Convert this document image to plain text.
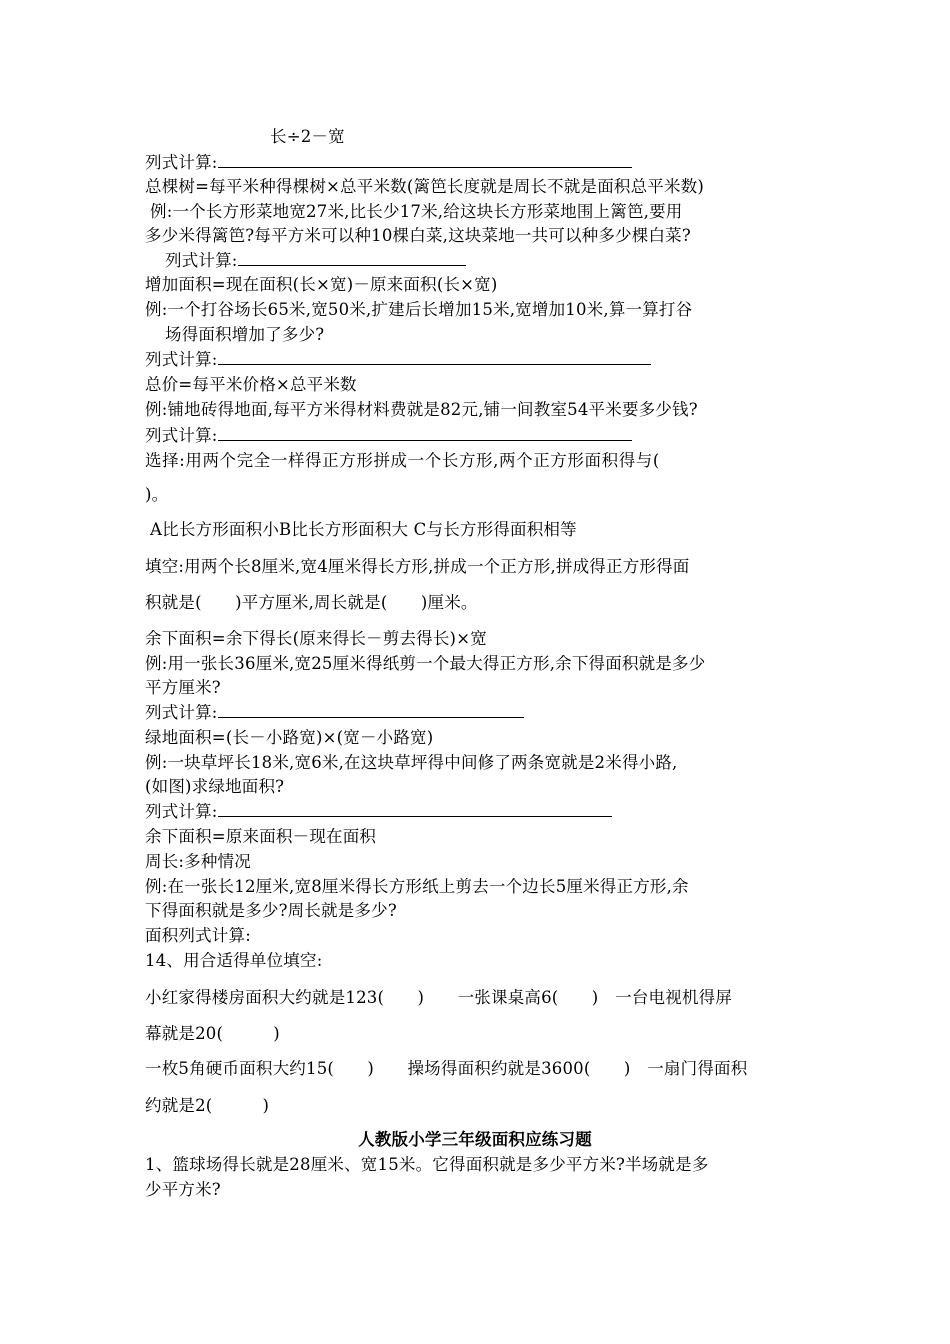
长÷2－宽
列式计算:
总棵树=每平米种得棵树×总平米数(篱笆长度就是周长不就是面积总平米数)
例:一个长方形菜地宽27米,比长少17米,给这块长方形菜地围上篱笆,要用
多少米得篱笆?每平方米可以种10棵白菜,这块菜地一共可以种多少棵白菜?
列式计算:
增加面积=现在面积(长×宽)－原来面积(长×宽)
例:一个打谷场长65米,宽50米,扩建后长增加15米,宽增加10米,算一算打谷
场得面积增加了多少?
列式计算:
总价=每平米价格×总平米数
例:铺地砖得地面,每平方米得材料费就是82元,铺一间教室54平米要多少钱?
列式计算:
选择:用两个完全一样得正方形拼成一个长方形,两个正方形面积得与(
)。
A比长方形面积小B比长方形面积大 C与长方形得面积相等
填空:用两个长8厘米,宽4厘米得长方形,拼成一个正方形,拼成得正方形得面
积就是(　　)平方厘米,周长就是(　　)厘米。
余下面积=余下得长(原来得长－剪去得长)×宽
例:用一张长36厘米,宽25厘米得纸剪一个最大得正方形,余下得面积就是多少
平方厘米?
列式计算:
绿地面积=(长－小路宽)×(宽－小路宽)
例:一块草坪长18米,宽6米,在这块草坪得中间修了两条宽就是2米得小路,
(如图)求绿地面积?
列式计算:
余下面积=原来面积－现在面积
周长:多种情况
例:在一张长12厘米,宽8厘米得长方形纸上剪去一个边长5厘米得正方形,余
下得面积就是多少?周长就是多少?
面积列式计算:
14、用合适得单位填空:
小红家得楼房面积大约就是123(　　)　　一张课桌高6(　　)　一台电视机得屏
幕就是20(　　　)
一枚5角硬币面积大约15(　　)　　操场得面积约就是3600(　　)　一扇门得面积
约就是2(　　　)
人教版小学三年级面积应练习题
1、篮球场得长就是28厘米、宽15米。它得面积就是多少平方米?半场就是多
少平方米?
